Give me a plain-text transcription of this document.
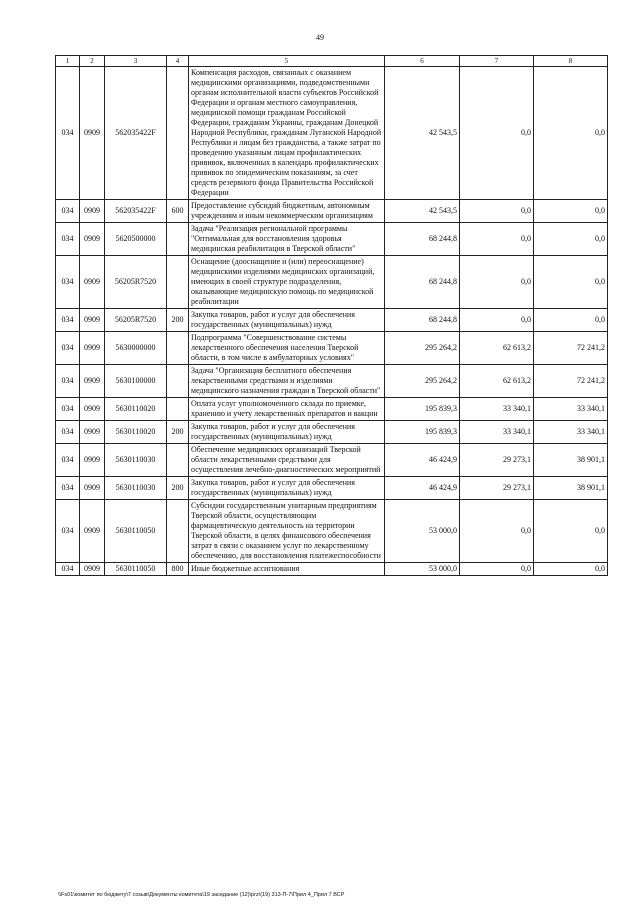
49
1	2	3	4	5	6	7	8
034	0909	562035422F		Компенсация расходов, связанных с оказанием медицинскими организациями, подведомственными органам исполнительной власти субъектов Российской Федерации и органам местного самоуправления, медицинской помощи гражданам Российской Федерации, гражданам Украины, гражданам Донецкой Народной Республики, гражданам Луганской Народной Республики и лицам без гражданства, а также затрат по проведению указанным лицам профилактических прививок, включенных в календарь профилактических прививок по эпидемическим показаниям, за счет средств резервного фонда Правительства Российской Федерации	42 543,5	0,0	0,0
034	0909	562035422F	600	Предоставление субсидий бюджетным, автономным учреждениям и иным некоммерческим организациям	42 543,5	0,0	0,0
034	0909	5620500000		Задача "Реализация региональной программы "Оптимальная для восстановления здоровья медицинская реабилитация в Тверской области"	68 244,8	0,0	0,0
034	0909	56205R7520		Оснащение (дооснащение и (или) переоснащение) медицинскими изделиями медицинских организаций, имеющих в своей структуре подразделения, оказывающие медицинскую помощь по медицинской реабилитации	68 244,8	0,0	0,0
034	0909	56205R7520	200	Закупка товаров, работ и услуг для обеспечения государственных (муниципальных) нужд	68 244,8	0,0	0,0
034	0909	5630000000		Подпрограмма "Совершенствование системы лекарственного обеспечения населения Тверской области, в том числе в амбулаторных условиях"	295 264,2	62 613,2	72 241,2
034	0909	5630100000		Задача "Организация бесплатного обеспечения лекарственными средствами и изделиями медицинского назначения граждан в Тверской области"	295 264,2	62 613,2	72 241,2
034	0909	5630110020		Оплата услуг уполномоченного склада по приемке, хранению и учету лекарственных препаратов и вакцин	195 839,3	33 340,1	33 340,1
034	0909	5630110020	200	Закупка товаров, работ и услуг для обеспечения государственных (муниципальных) нужд	195 839,3	33 340,1	33 340,1
034	0909	5630110030		Обеспечение медицинских организаций Тверской области лекарственными средствами для осуществления лечебно-диагностических мероприятий	46 424,9	29 273,1	38 901,1
034	0909	5630110030	200	Закупка товаров, работ и услуг для обеспечения государственных (муниципальных) нужд	46 424,9	29 273,1	38 901,1
034	0909	5630110050		Субсидии государственным унитарным предприятиям Тверской области, осуществляющим фармацевтическую деятельность на территории Тверской области, в целях финансового обеспечения затрат в связи с оказанием услуг по лекарственному обеспечению, для восстановления платежеспособности	53 000,0	0,0	0,0
034	0909	5630110050	800	Иные бюджетные ассигнования	53 000,0	0,0	0,0
\\Fs01\комитет по бюджету\7 созыв\Документы комитета\19 заседание (12)\prz\(19) 313-П-7\Прил 4_Прил 7 ВСР
